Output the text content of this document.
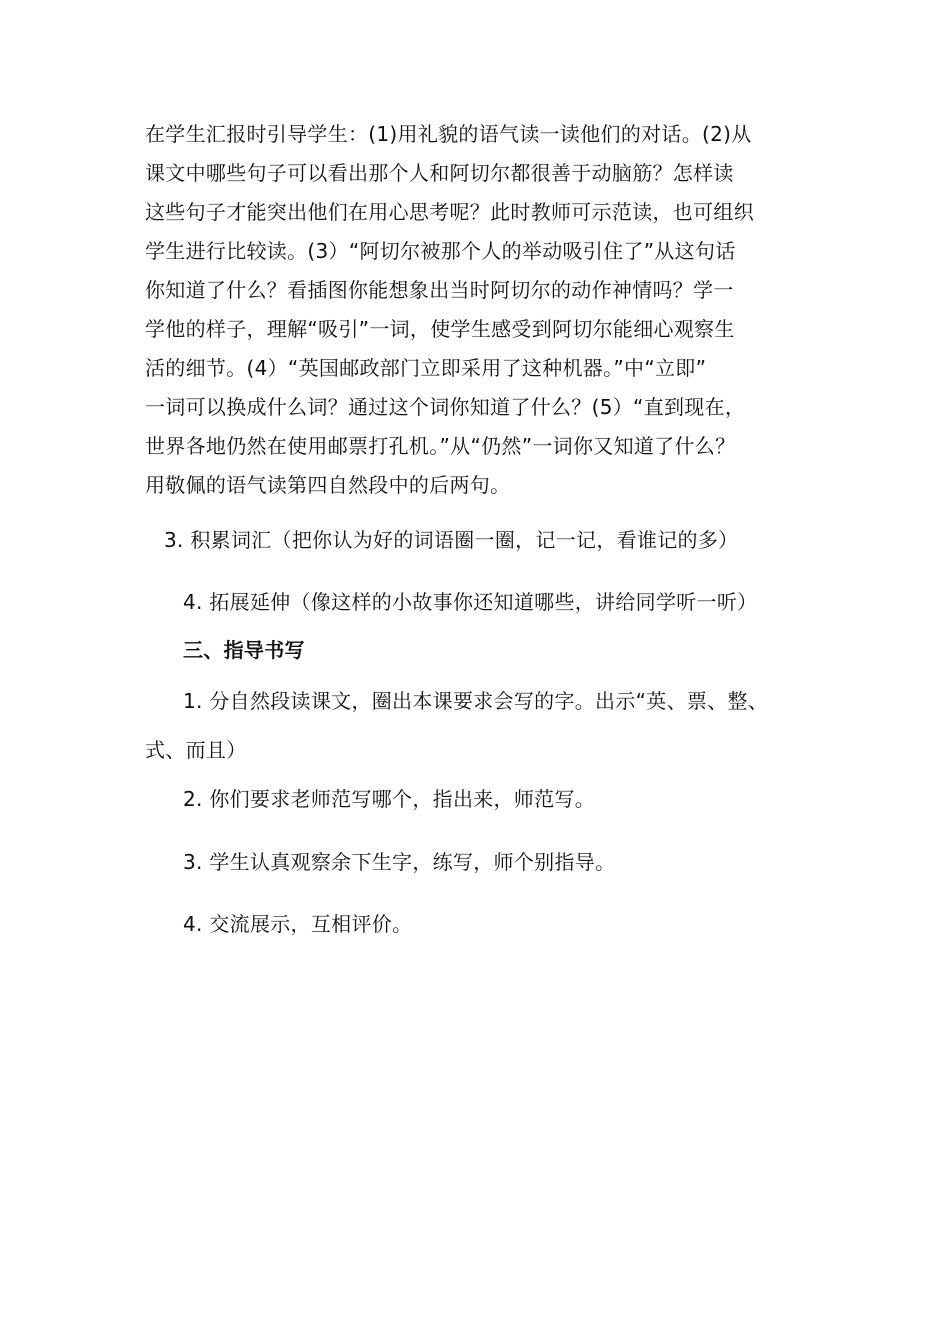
在学生汇报时引导学生：(1)用礼貌的语气读一读他们的对话。(2)从
课文中哪些句子可以看出那个人和阿切尔都很善于动脑筋？怎样读
这些句子才能突出他们在用心思考呢？此时教师可示范读，也可组织
学生进行比较读。(3）“阿切尔被那个人的举动吸引住了”从这句话
你知道了什么？看插图你能想象出当时阿切尔的动作神情吗？学一
学他的样子，理解“吸引”一词，使学生感受到阿切尔能细心观察生
活的细节。(4）“英国邮政部门立即采用了这种机器。”中“立即”
一词可以换成什么词？通过这个词你知道了什么？(5）“直到现在，
世界各地仍然在使用邮票打孔机。”从“仍然”一词你又知道了什么？
用敬佩的语气读第四自然段中的后两句。
3. 积累词汇（把你认为好的词语圈一圈，记一记，看谁记的多）
4. 拓展延伸（像这样的小故事你还知道哪些，讲给同学听一听）
三、指导书写
1. 分自然段读课文，圈出本课要求会写的字。出示“英、票、整、
式、而且）
2. 你们要求老师范写哪个，指出来，师范写。
3. 学生认真观察余下生字，练写，师个别指导。
4. 交流展示，互相评价。
